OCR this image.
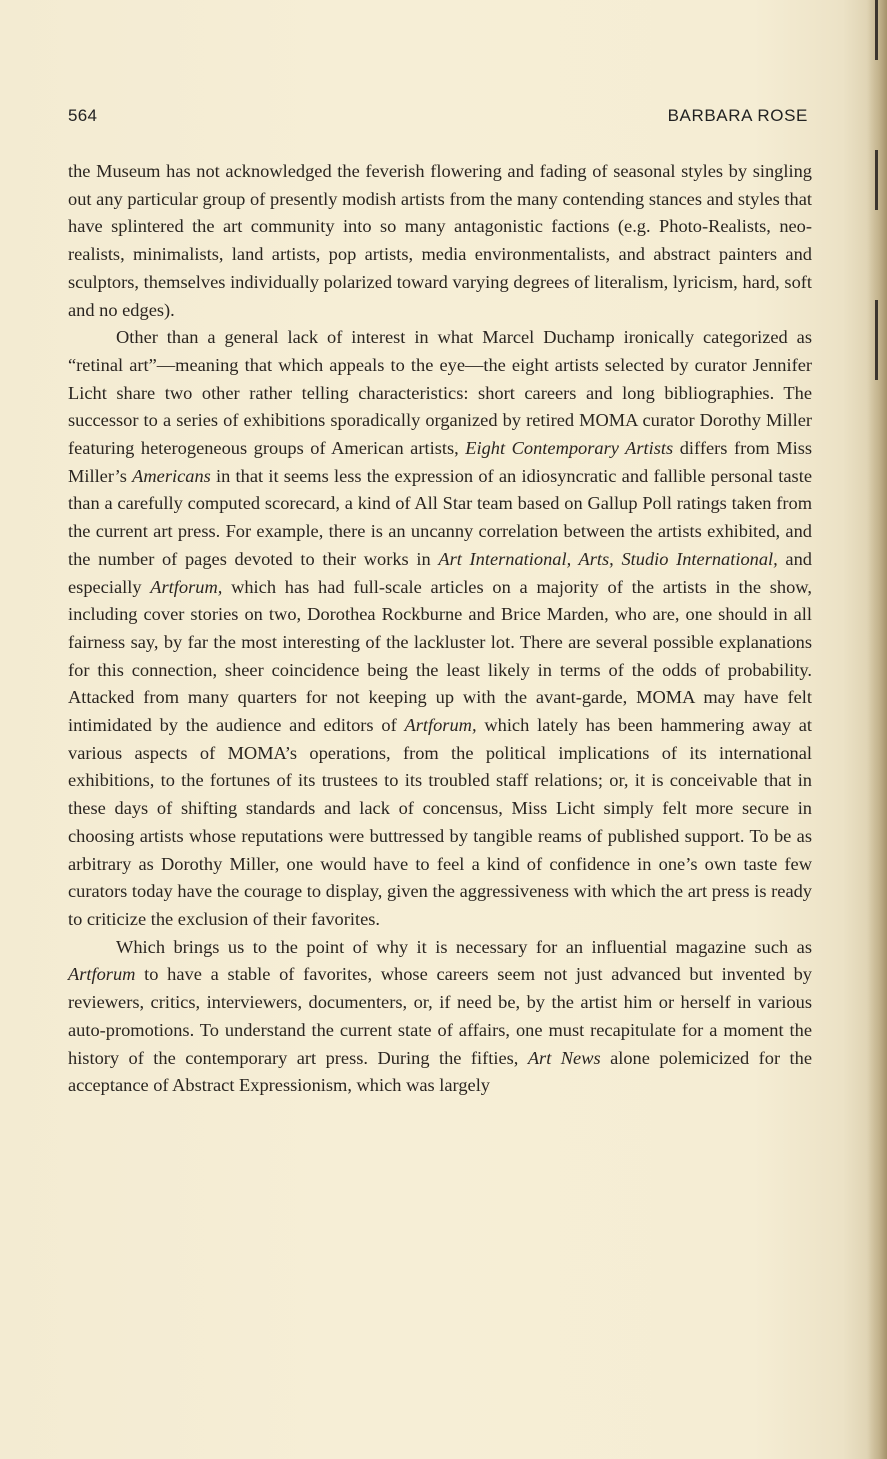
564	BARBARA ROSE

the Museum has not acknowledged the feverish flowering and fading of seasonal styles by singling out any particular group of presently modish artists from the many contending stances and styles that have splintered the art community into so many antagonistic factions (e.g. Photo-Realists, neo-realists, minimalists, land artists, pop artists, media environmentalists, and abstract painters and sculptors, themselves individually polarized toward varying degrees of literalism, lyricism, hard, soft and no edges).

Other than a general lack of interest in what Marcel Duchamp ironically categorized as “retinal art”—meaning that which appeals to the eye—the eight artists selected by curator Jennifer Licht share two other rather telling characteristics: short careers and long bibliographies. The successor to a series of exhibitions sporadically organized by retired MOMA curator Dorothy Miller featuring heterogeneous groups of American artists, Eight Contemporary Artists differs from Miss Miller’s Americans in that it seems less the expression of an idiosyncratic and fallible personal taste than a carefully computed scorecard, a kind of All Star team based on Gallup Poll ratings taken from the current art press. For example, there is an uncanny correlation between the artists exhibited, and the number of pages devoted to their works in Art International, Arts, Studio International, and especially Artforum, which has had full-scale articles on a majority of the artists in the show, including cover stories on two, Dorothea Rockburne and Brice Marden, who are, one should in all fairness say, by far the most interesting of the lackluster lot. There are several possible explanations for this connection, sheer coincidence being the least likely in terms of the odds of probability. Attacked from many quarters for not keeping up with the avant-garde, MOMA may have felt intimidated by the audience and editors of Artforum, which lately has been hammering away at various aspects of MOMA’s operations, from the political implications of its international exhibitions, to the fortunes of its trustees to its troubled staff relations; or, it is conceivable that in these days of shifting standards and lack of concensus, Miss Licht simply felt more secure in choosing artists whose reputations were buttressed by tangible reams of published support. To be as arbitrary as Dorothy Miller, one would have to feel a kind of confidence in one’s own taste few curators today have the courage to display, given the aggressiveness with which the art press is ready to criticize the exclusion of their favorites.

Which brings us to the point of why it is necessary for an influential magazine such as Artforum to have a stable of favorites, whose careers seem not just advanced but invented by reviewers, critics, interviewers, documenters, or, if need be, by the artist him or herself in various auto-promotions. To understand the current state of affairs, one must recapitulate for a moment the history of the contemporary art press. During the fifties, Art News alone polemicized for the acceptance of Abstract Expressionism, which was largely
